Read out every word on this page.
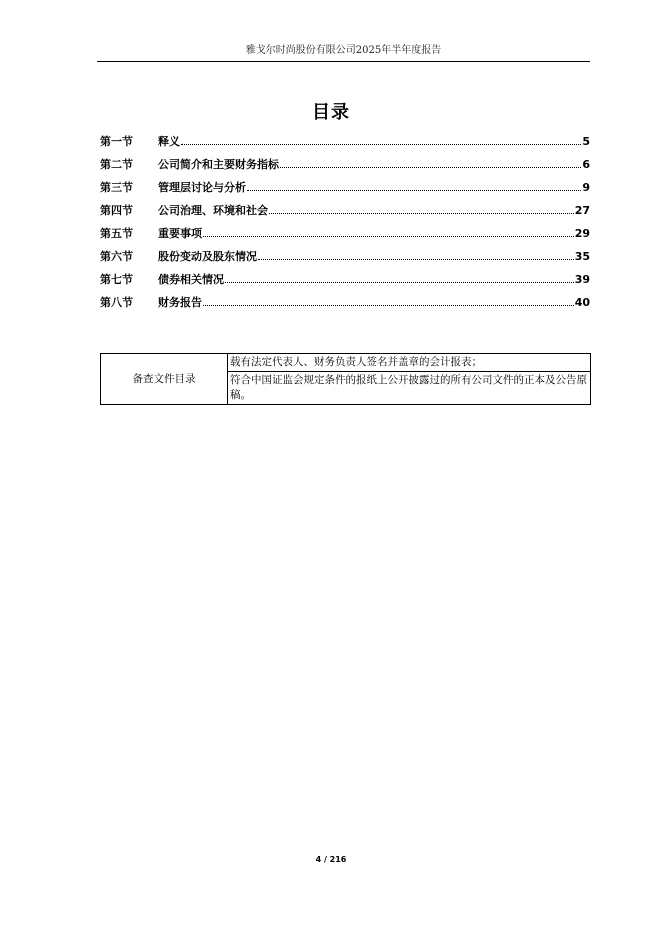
雅戈尔时尚股份有限公司2025年半年度报告
目录
第一节	释义	5
第二节	公司简介和主要财务指标	6
第三节	管理层讨论与分析	9
第四节	公司治理、环境和社会	27
第五节	重要事项	29
第六节	股份变动及股东情况	35
第七节	债券相关情况	39
第八节	财务报告	40
备查文件目录	载有法定代表人、财务负责人签名并盖章的会计报表；
符合中国证监会规定条件的报纸上公开披露过的所有公司文件的正本及公告原稿。
4 / 216
